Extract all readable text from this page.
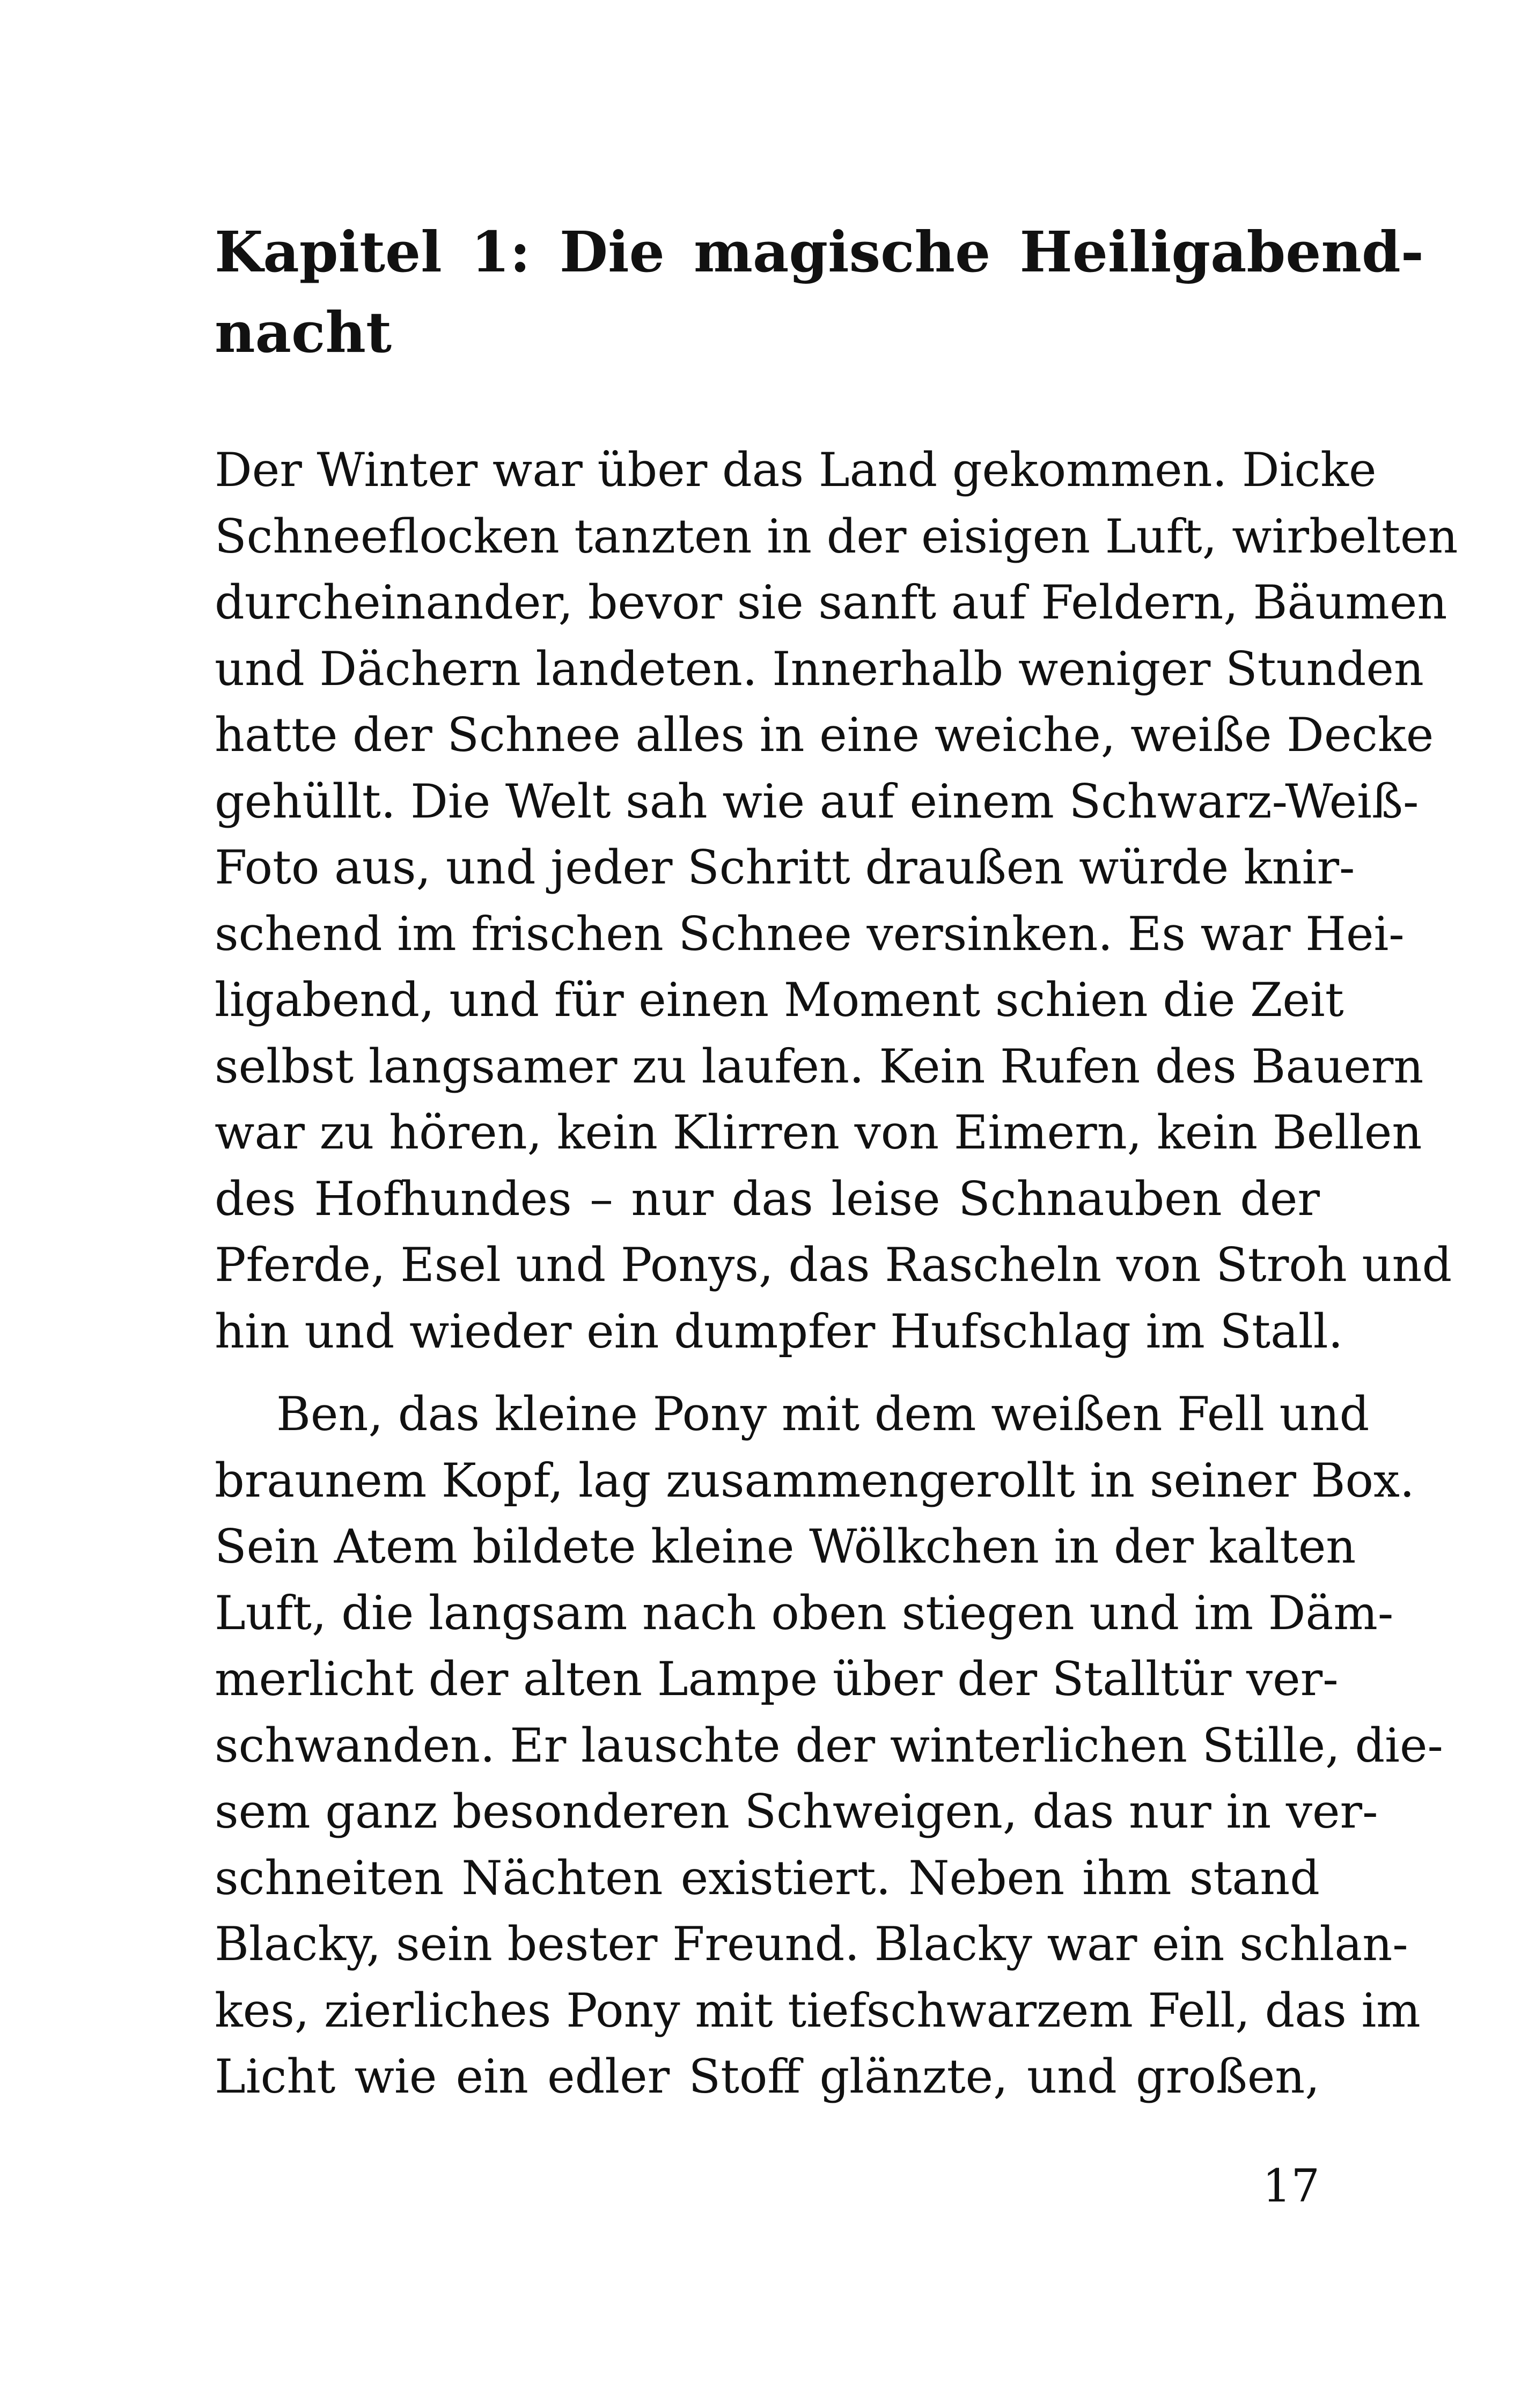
Kapitel 1: Die magische Heiligabend-
nacht
Der Winter war über das Land gekommen. Dicke
Schneeflocken tanzten in der eisigen Luft, wirbelten
durcheinander, bevor sie sanft auf Feldern, Bäumen
und Dächern landeten. Innerhalb weniger Stunden
hatte der Schnee alles in eine weiche, weiße Decke
gehüllt. Die Welt sah wie auf einem Schwarz-Weiß-
Foto aus, und jeder Schritt draußen würde knir-
schend im frischen Schnee versinken. Es war Hei-
ligabend, und für einen Moment schien die Zeit
selbst langsamer zu laufen. Kein Rufen des Bauern
war zu hören, kein Klirren von Eimern, kein Bellen
des Hofhundes – nur das leise Schnauben der
Pferde, Esel und Ponys, das Rascheln von Stroh und
hin und wieder ein dumpfer Hufschlag im Stall.
Ben, das kleine Pony mit dem weißen Fell und
braunem Kopf, lag zusammengerollt in seiner Box.
Sein Atem bildete kleine Wölkchen in der kalten
Luft, die langsam nach oben stiegen und im Däm-
merlicht der alten Lampe über der Stalltür ver-
schwanden. Er lauschte der winterlichen Stille, die-
sem ganz besonderen Schweigen, das nur in ver-
schneiten Nächten existiert. Neben ihm stand
Blacky, sein bester Freund. Blacky war ein schlan-
kes, zierliches Pony mit tiefschwarzem Fell, das im
Licht wie ein edler Stoff glänzte, und großen,

17
